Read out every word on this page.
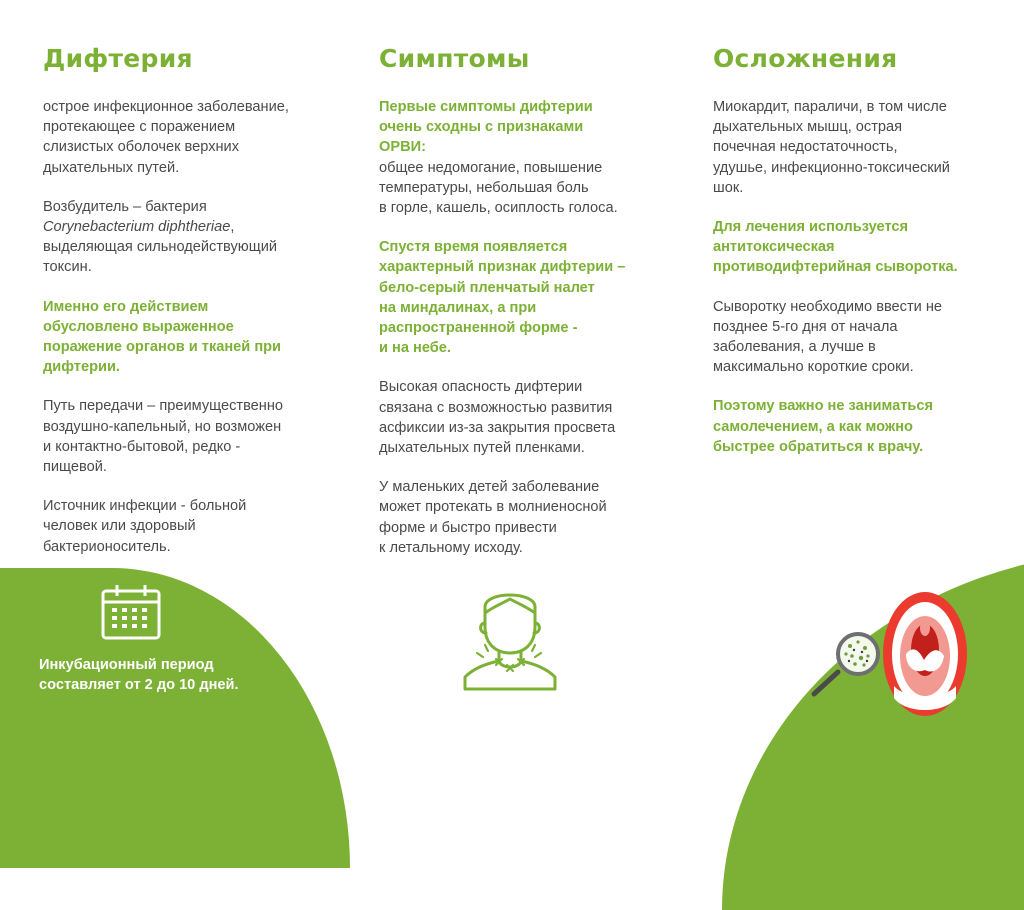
Дифтерия

острое инфекционное заболевание,
протекающее с поражением
слизистых оболочек верхних
дыхательных путей.

Возбудитель – бактерия
Corynebacterium diphtheriae,
выделяющая сильнодействующий
токсин.

Именно его действием
обусловлено выраженное
поражение органов и тканей при
дифтерии.

Путь передачи – преимущественно
воздушно-капельный, но возможен
и контактно-бытовой, редко -
пищевой.

Источник инфекции - больной
человек или здоровый
бактерионоситель.

Симптомы

Первые симптомы дифтерии
очень сходны с признаками
ОРВИ:
общее недомогание, повышение
температуры, небольшая боль
в горле, кашель, осиплость голоса.

Спустя время появляется
характерный признак дифтерии –
бело-серый пленчатый налет
на миндалинах, а при
распространенной форме -
и на небе.

Высокая опасность дифтерии
связана с возможностью развития
асфиксии из-за закрытия просвета
дыхательных путей пленками.

У маленьких детей заболевание
может протекать в молниеносной
форме и быстро привести
к летальному исходу.

Осложнения

Миокардит, параличи, в том числе
дыхательных мышц, острая
почечная недостаточность,
удушье, инфекционно-токсический
шок.

Для лечения используется
антитоксическая
противодифтерийная сыворотка.

Сыворотку необходимо ввести не
позднее 5-го дня от начала
заболевания, а лучше в
максимально короткие сроки.

Поэтому важно не заниматься
самолечением, а как можно
быстрее обратиться к врачу.

Инкубационный период
составляет от 2 до 10 дней.
